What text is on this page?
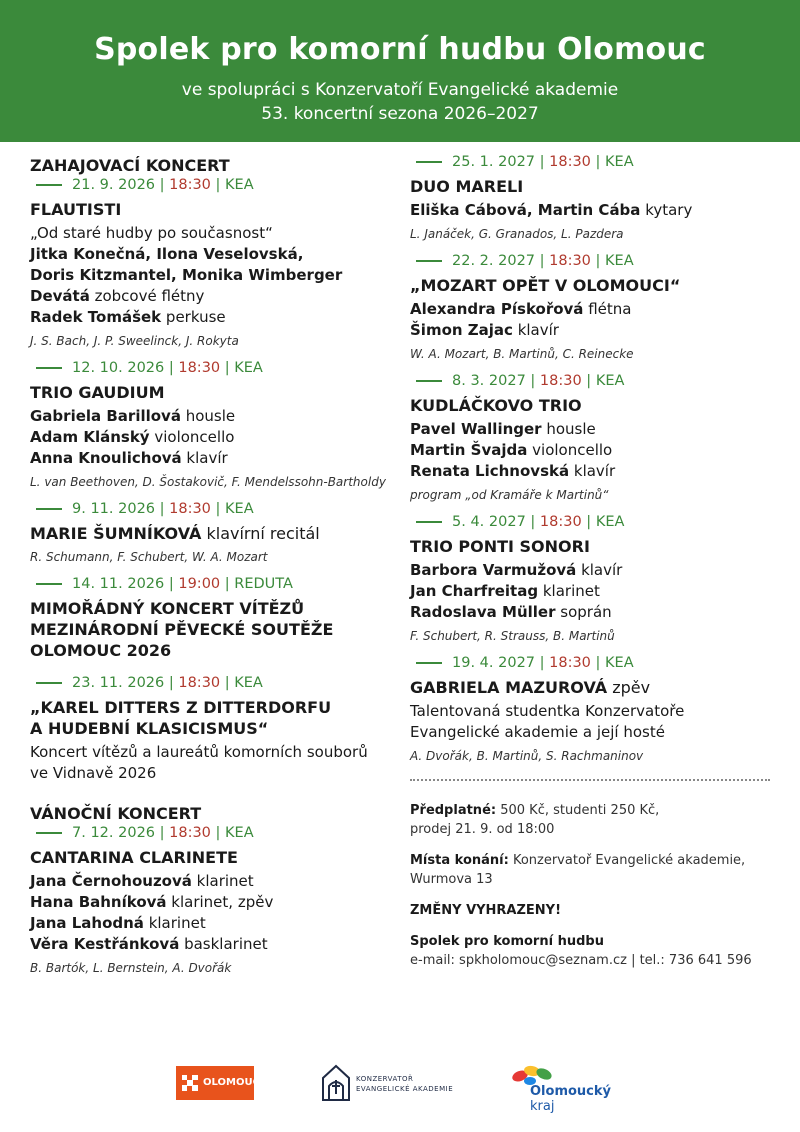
Spolek pro komorní hudbu Olomouc
ve spolupráci s Konzervatoří Evangelické akademie
53. koncertní sezona 2026–2027
ZAHAJOVACÍ KONCERT
21. 9. 2026 | 18:30 | KEA
FLAUTISTI
„Od staré hudby po současnost“
Jitka Konečná, Ilona Veselovská,
Doris Kitzmantel, Monika Wimberger
Devátá zobcové flétny
Radek Tomášek perkuse
J. S. Bach, J. P. Sweelinck, J. Rokyta
12. 10. 2026 | 18:30 | KEA
TRIO GAUDIUM
Gabriela Barillová housle
Adam Klánský violoncello
Anna Knoulichová klavír
L. van Beethoven, D. Šostakovič, F. Mendelssohn-Bartholdy
9. 11. 2026 | 18:30 | KEA
MARIE ŠUMNÍKOVÁ klavírní recitál
R. Schumann, F. Schubert, W. A. Mozart
14. 11. 2026 | 19:00 | REDUTA
MIMOŘÁDNÝ KONCERT VÍTĚZŮ
MEZINÁRODNÍ PĚVECKÉ SOUTĚŽE
OLOMOUC 2026
23. 11. 2026 | 18:30 | KEA
„KAREL DITTERS Z DITTERDORFU
A HUDEBNÍ KLASICISMUS“
Koncert vítězů a laureátů komorních souborů
ve Vidnavě 2026
VÁNOČNÍ KONCERT
7. 12. 2026 | 18:30 | KEA
CANTARINA CLARINETE
Jana Černohouzová klarinet
Hana Bahníková klarinet, zpěv
Jana Lahodná klarinet
Věra Kestřánková basklarinet
B. Bartók, L. Bernstein, A. Dvořák
25. 1. 2027 | 18:30 | KEA
DUO MARELI
Eliška Cábová, Martin Cába kytary
L. Janáček, G. Granados, L. Pazdera
22. 2. 2027 | 18:30 | KEA
„MOZART OPĚT V OLOMOUCI“
Alexandra Pískořová flétna
Šimon Zajac klavír
W. A. Mozart, B. Martinů, C. Reinecke
8. 3. 2027 | 18:30 | KEA
KUDLÁČKOVO TRIO
Pavel Wallinger housle
Martin Švajda violoncello
Renata Lichnovská klavír
program „od Kramáře k Martinů“
5. 4. 2027 | 18:30 | KEA
TRIO PONTI SONORI
Barbora Varmužová klavír
Jan Charfreitag klarinet
Radoslava Müller soprán
F. Schubert, R. Strauss, B. Martinů
19. 4. 2027 | 18:30 | KEA
GABRIELA MAZUROVÁ zpěv
Talentovaná studentka Konzervatoře
Evangelické akademie a její hosté
A. Dvořák, B. Martinů, S. Rachmaninov
Předplatné: 500 Kč, studenti 250 Kč,
prodej 21. 9. od 18:00
Místa konání: Konzervatoř Evangelické akademie,
Wurmova 13
ZMĚNY VYHRAZENY!
Spolek pro komorní hudbu
e-mail: spkholomouc@seznam.cz | tel.: 736 641 596
OLOMOUC	KONZERVATOŘ
EVANGELICKÉ AKADEMIE	Olomoucký kraj
